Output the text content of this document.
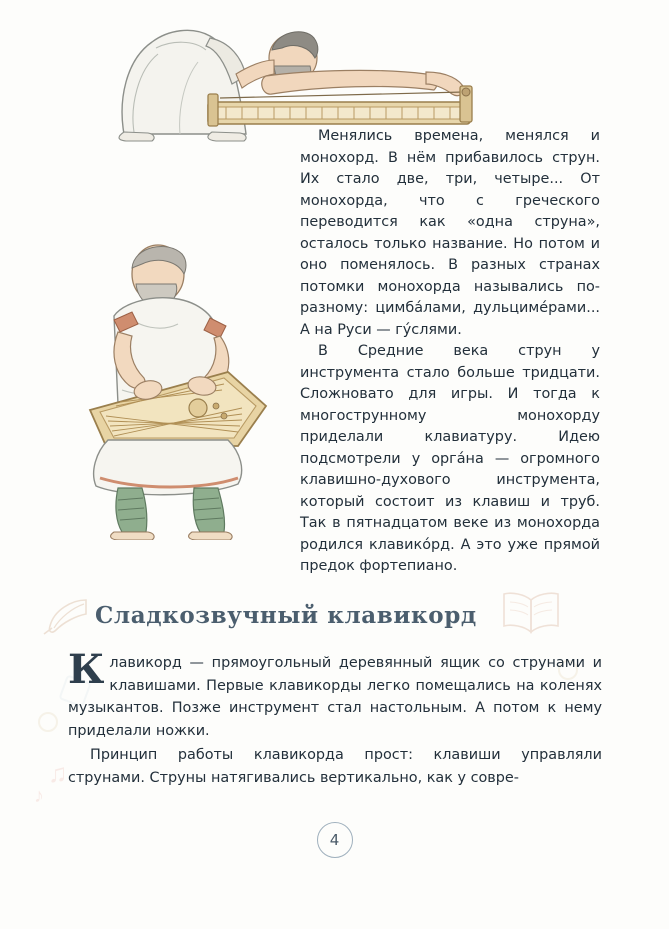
♫
♪

Менялись времена, менялся и монохорд. В нём прибавилось струн. Их стало две, три, четыре... От монохорда, что с греческого переводится как «одна струна», осталось только название. Но потом и оно поменялось. В разных странах потомки монохорда назывались по-разному: цимба́лами, дульциме́рами... А на Руси — гу́слями.

В Средние века струн у инструмента стало больше тридцати. Сложновато для игры. И тогда к многострунному монохорду приделали клавиатуру. Идею подсмотрели у орга́на — огромного клавишно-духового инструмента, который состоит из клавиш и труб. Так в пятнадцатом веке из монохорда родился клавико́рд. А это уже прямой предок фортепиано.

Сладкозвучный клавикорд

Клавикорд — прямоугольный деревянный ящик со струнами и клавишами. Первые клавикорды легко помещались на коленях музыкантов. Позже инструмент стал настольным. А потом к нему приделали ножки.

Принцип работы клавикорда прост: клавиши управляли струнами. Струны натягивались вертикально, как у совре-

4
